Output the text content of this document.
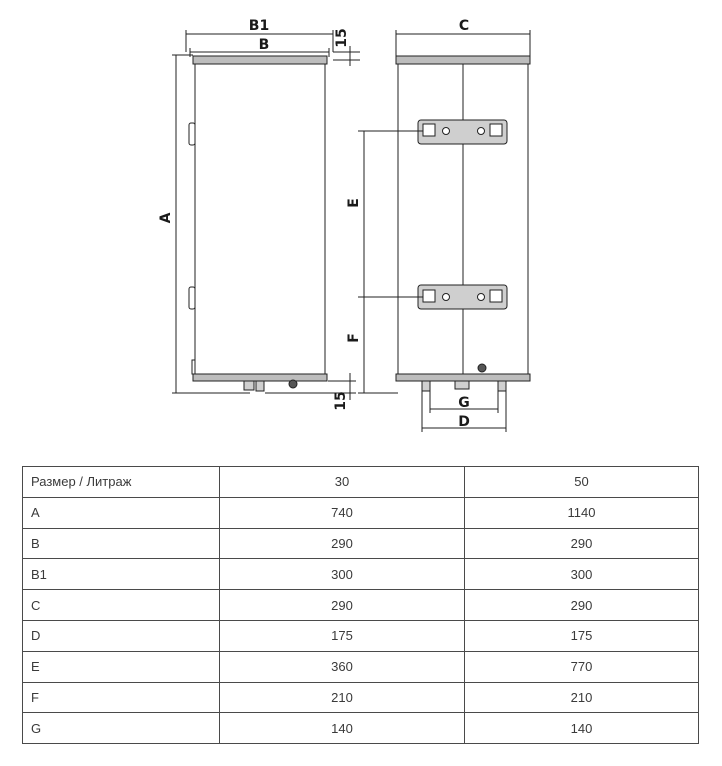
B1
B	15
A
15
C
E
F
G
D
Размер / Литраж	30	50
A	740	1140
B	290	290
B1	300	300
C	290	290
D	175	175
E	360	770
F	210	210
G	140	140
